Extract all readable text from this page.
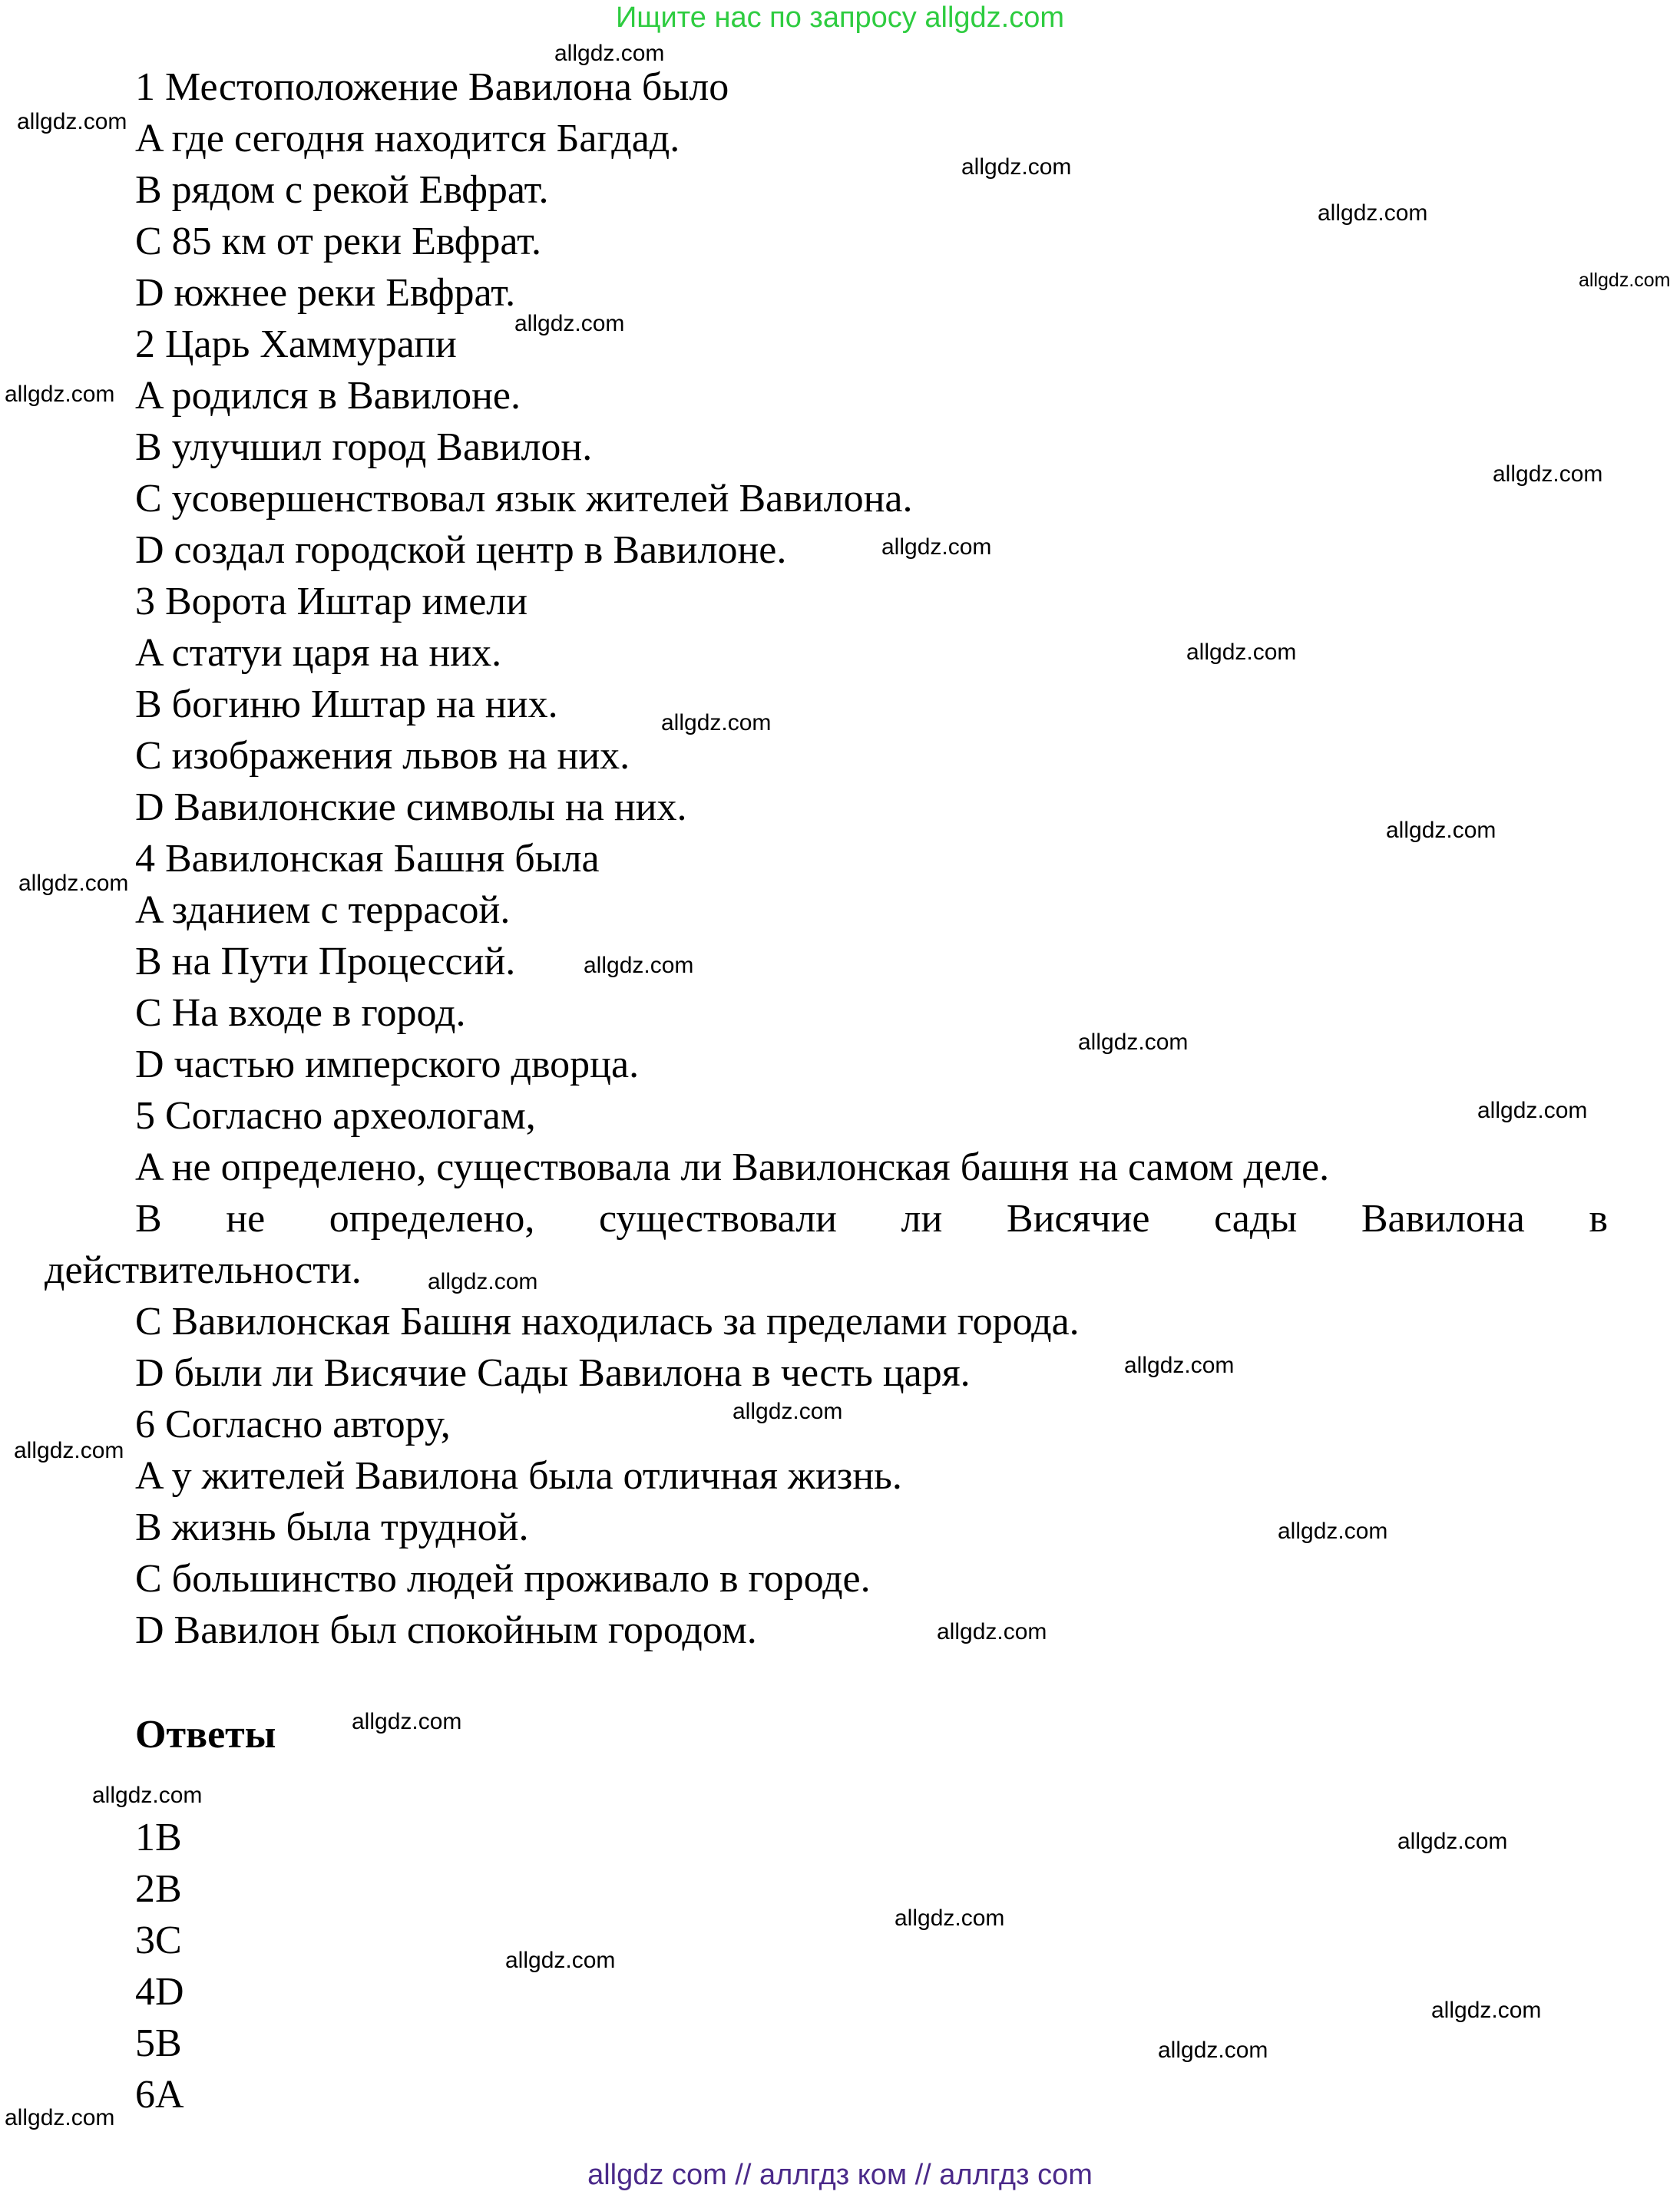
Ищите нас по запросу allgdz.com
1 Местоположение Вавилона было
A где сегодня находится Багдад.
B рядом с рекой Евфрат.
C 85 км от реки Евфрат.
D южнее реки Евфрат.
2 Царь Хаммурапи
A родился в Вавилоне.
B улучшил город Вавилон.
C усовершенствовал язык жителей Вавилона.
D создал городской центр в Вавилоне.
3 Ворота Иштар имели
A статуи царя на них.
B богиню Иштар на них.
C изображения львов на них.
D Вавилонские символы на них.
4 Вавилонская Башня была
A зданием с террасой.
B на Пути Процессий.
C На входе в город.
D частью имперского дворца.
5 Согласно археологам,
A не определено, существовала ли Вавилонская башня на самом деле.
B не определено, существовали ли Висячие сады Вавилона в
действительности.
C Вавилонская Башня находилась за пределами города.
D были ли Висячие Сады Вавилона в честь царя.
6 Согласно автору,
A у жителей Вавилона была отличная жизнь.
B жизнь была трудной.
C большинство людей проживало в городе.
D Вавилон был спокойным городом.
Ответы
1B
2B
3C
4D
5B
6A
allgdz.com
allgdz.com
allgdz.com
allgdz.com
allgdz.com
allgdz.com
allgdz.com
allgdz.com
allgdz.com
allgdz.com
allgdz.com
allgdz.com
allgdz.com
allgdz.com
allgdz.com
allgdz.com
allgdz.com
allgdz.com
allgdz.com
allgdz.com
allgdz.com
allgdz.com
allgdz.com
allgdz.com
allgdz.com
allgdz.com
allgdz.com
allgdz.com
allgdz.com
allgdz.com
allgdz com // аллгдз ком // аллгдз com
